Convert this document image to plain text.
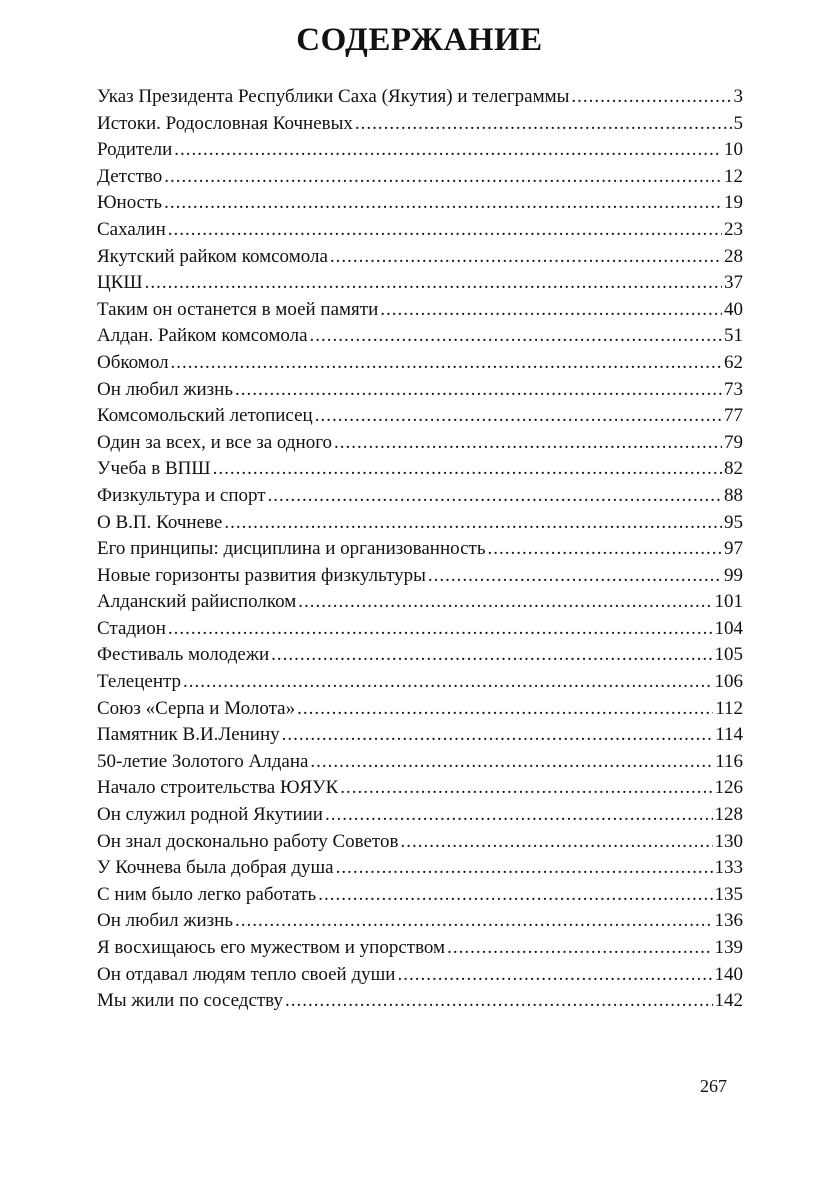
СОДЕРЖАНИЕ
Указ Президента Республики Саха (Якутия) и телеграммы .....	3
Истоки. Родословная Кочневых .....	5
Родители .....	10
Детство .....	12
Юность .....	19
Сахалин .....	23
Якутский райком комсомола .....	28
ЦКШ .....	37
Таким он останется в моей памяти .....	40
Алдан. Райком комсомола .....	51
Обкомол .....	62
Он любил жизнь .....	73
Комсомольский летописец .....	77
Один за всех, и все за одного .....	79
Учеба в ВПШ .....	82
Физкультура и спорт .....	88
О В.П. Кочневе .....	95
Его принципы: дисциплина и организованность .....	97
Новые горизонты развития физкультуры .....	99
Алданский райисполком .....	101
Стадион .....	104
Фестиваль молодежи .....	105
Телецентр .....	106
Союз «Серпа и Молота» .....	112
Памятник В.И.Ленину .....	114
50-летие Золотого Алдана .....	116
Начало строительства ЮЯУК .....	126
Он служил родной Якутиии .....	128
Он знал досконально работу Советов .....	130
У Кочнева была добрая душа .....	133
С ним было легко работать .....	135
Он любил жизнь .....	136
Я восхищаюсь его мужеством и упорством .....	139
Он отдавал людям тепло своей души .....	140
Мы жили по соседству .....	142
267
